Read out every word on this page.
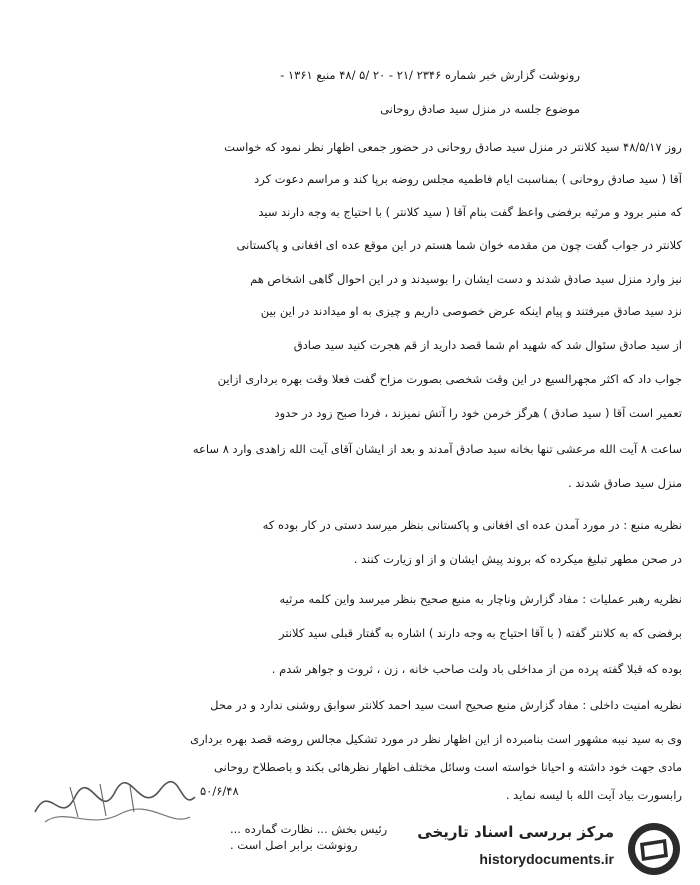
رونوشت گزارش خبر شماره ۲۳۴۶ /۲۱ - ۲۰ /۵ /۴۸ منبع ۱۳۶۱ -
موضوع جلسه در منزل سید صادق روحانی
روز ۴۸/۵/۱۷ سید کلانتر در منزل سید صادق روحانی در حضور جمعی اظهار نظر نمود که خواست
آقا ( سید صادق روحانی ) بمناسبت ایام فاطمیه مجلس روضه برپا کند و مراسم دعوت کرد
که منبر برود و مرثیه برفضی واعظ گفت بنام آقا ( سید کلانتر ) با احتیاج به وجه دارند سید
کلانتر در جواب گفت چون من مقدمه خوان شما هستم در این موقع عده ای افغانی و پاکستانی
نیز وارد منزل سید صادق شدند و دست ایشان را بوسیدند و در این احوال گاهی اشخاص هم
نزد سید صادق میرفتند و پیام اینکه عرض خصوصی داریم و چیزی به او میدادند در این بین
از سید صادق سئوال شد که شهید ام شما قصد دارید از قم هجرت کنید سید صادق
جواب داد که اکثر مجهرالسیع در این وقت شخصی بصورت مزاح گفت فعلا وقت بهره برداری ازاین
تعمیر است آقا ( سید صادق ) هرگز خرمن خود را آتش نمیزند ، فردا صبح زود در حدود
ساعت ۸ آیت الله مرعشی تنها بخانه سید صادق آمدند و بعد از ایشان آقای آیت الله زاهدی وارد ۸ ساعه
منزل سید صادق شدند .
نظریه منبع : در مورد آمدن عده ای افغانی و پاکستانی بنظر میرسد دستی در کار بوده که
در صحن مطهر تبلیغ میکرده که بروند پیش ایشان و از او زیارت کنند .
نظریه رهبر عملیات : مفاد گزارش وناچار به منبع صحیح بنظر میرسد واین کلمه مرثیه
برفضی که به کلانتر گفته ( با آقا احتیاج به وجه دارند ) اشاره به گفتار قبلی سید کلانتر
بوده که قبلا گفته پرده من از مداخلی باد ولت صاحب خانه ، زن ، ثروت و جواهر شدم .
نظریه امنیت داخلی : مفاد گزارش منبع صحیح است سید احمد کلانتر سوابق روشنی ندارد و در محل
وی به سید نیبه مشهور است بنامبرده از این اظهار نظر در مورد تشکیل مجالس روضه قصد بهره برداری
مادی جهت خود داشته و احیانا خواسته است وسائل مختلف اظهار نظرهائی بکند و باصطلاح روحانی
رابسورت بیاد آیت الله با لیسه نماید .
۵۰/۶/۴۸
رئیس بخش ... نظارت گمارده ...
رونوشت برابر اصل است .
مرکز بررسی اسناد تاریخی
historydocuments.ir
